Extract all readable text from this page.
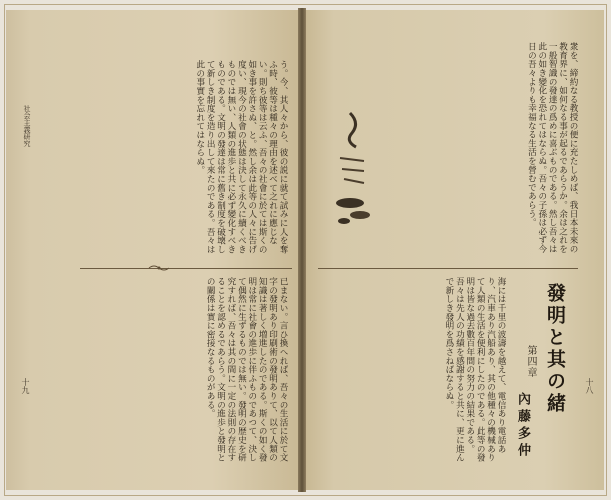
社会主義研究	う。今、其人々から、彼の説に就て試みに人を奪ふ時、彼等は種々の理由を述べて之れに應じない。則ち彼等は云ふ、吾々の社會に於ては斯くの如き事を許さぬ、と。然し余は此等の人々に告げ度い、現今の社會の状態は決して永久に續くべきものでは無い、人類の進歩と共に必ず變化すべきものである。文明の發達は常に舊き制度を破壊して新しき制度を造り出して來たのである。吾々は此の事實を忘れてはならぬ。
已まない。言ひ換へれば、吾々の生活に於て文字の發明あり印刷術の發明ありて、以て人類の知識は著しく増進したのである。斯くの如く發明は常に社會の進歩に伴ふものであつて、決して偶然に生ずるものでは無い。發明の歴史を研究すれば、吾々は其の間に一定の法則の存在することを認めるであらう。文明の進歩と發明との關係は實に密接なるものがある。
十九
衆を、締約なる教授の便に充たしめば、我日本未來の教育界に、如何なる事が起るであらうか。余は之れを一般智識の發達の爲めに喜ぶものである。然し吾々は此の如き變化を恐れてはならぬ。吾々の子孫は必ず今日の吾々よりも幸福なる生活を營むであらう。
海には千里の波濤を越えて、電信あり電話あり、汽車あり汽船あり、其の他種々の機械ありて人類の生活を便利にしたのである。此等の發明は皆な過去數百年間の努力の結果である。吾々は先人の功績を感謝すると共に、更に進んで新しき發明を爲さねばならぬ。	發明と其の緒
第四章
內藤多仲
十八
